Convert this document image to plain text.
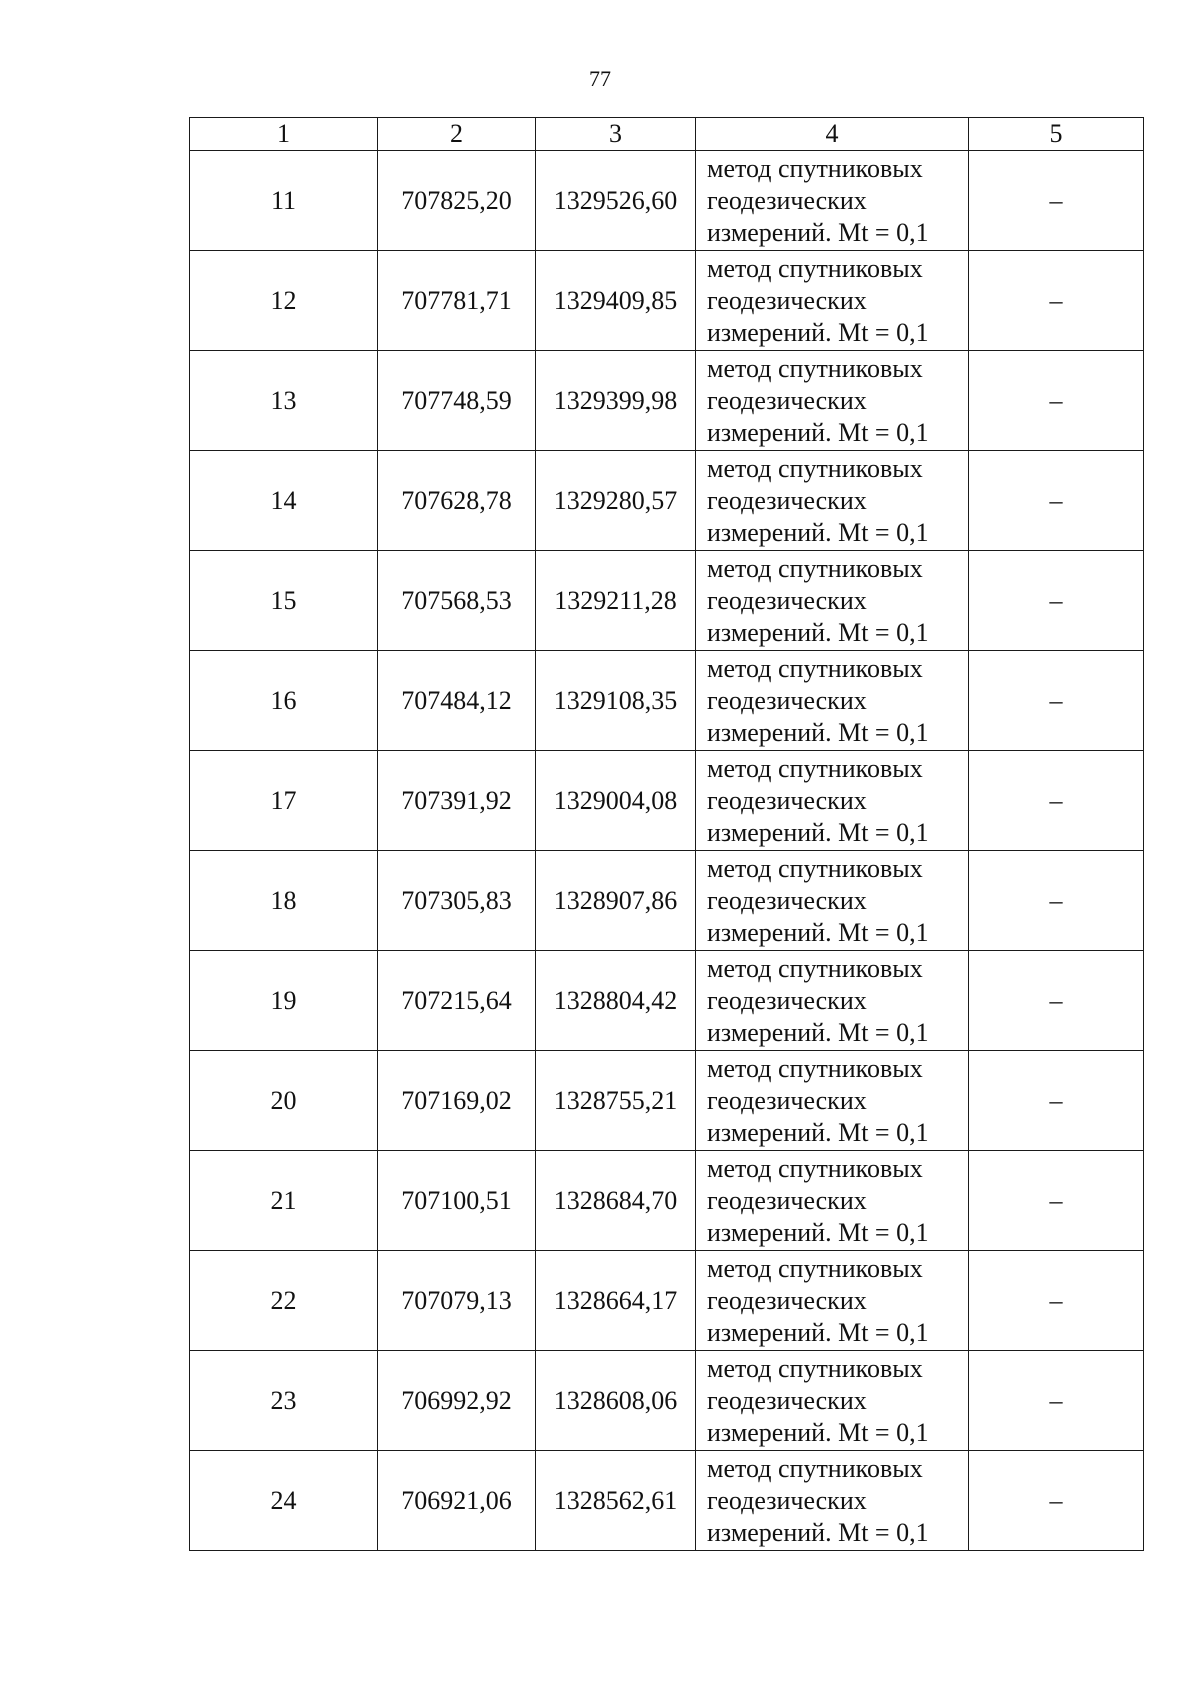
77
1	2	3	4	5
11	707825,20	1329526,60	метод спутниковых
геодезических
измерений. Mt = 0,1	–
12	707781,71	1329409,85	метод спутниковых
геодезических
измерений. Mt = 0,1	–
13	707748,59	1329399,98	метод спутниковых
геодезических
измерений. Mt = 0,1	–
14	707628,78	1329280,57	метод спутниковых
геодезических
измерений. Mt = 0,1	–
15	707568,53	1329211,28	метод спутниковых
геодезических
измерений. Mt = 0,1	–
16	707484,12	1329108,35	метод спутниковых
геодезических
измерений. Mt = 0,1	–
17	707391,92	1329004,08	метод спутниковых
геодезических
измерений. Mt = 0,1	–
18	707305,83	1328907,86	метод спутниковых
геодезических
измерений. Mt = 0,1	–
19	707215,64	1328804,42	метод спутниковых
геодезических
измерений. Mt = 0,1	–
20	707169,02	1328755,21	метод спутниковых
геодезических
измерений. Mt = 0,1	–
21	707100,51	1328684,70	метод спутниковых
геодезических
измерений. Mt = 0,1	–
22	707079,13	1328664,17	метод спутниковых
геодезических
измерений. Mt = 0,1	–
23	706992,92	1328608,06	метод спутниковых
геодезических
измерений. Mt = 0,1	–
24	706921,06	1328562,61	метод спутниковых
геодезических
измерений. Mt = 0,1	–
